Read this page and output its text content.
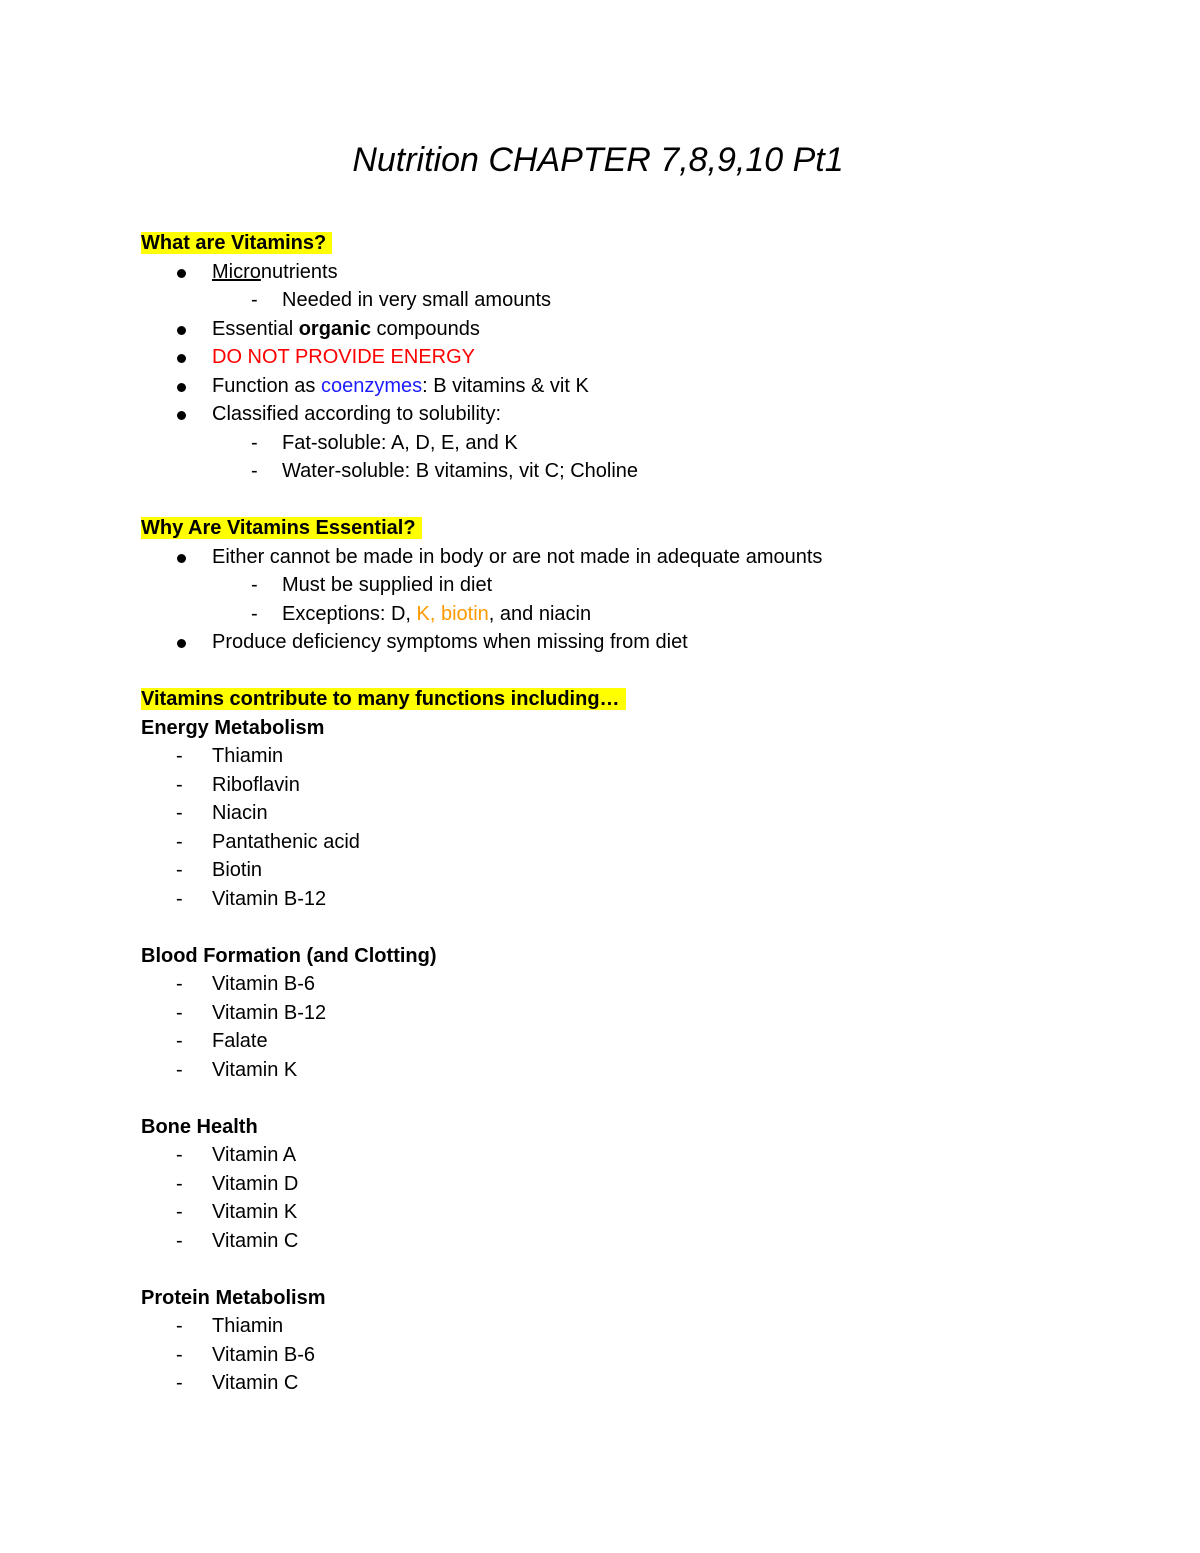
Nutrition CHAPTER 7,8,9,10 Pt1
What are Vitamins?
Micronutrients
- Needed in very small amounts
Essential organic compounds
DO NOT PROVIDE ENERGY
Function as coenzymes: B vitamins & vit K
Classified according to solubility:
- Fat-soluble: A, D, E, and K
- Water-soluble: B vitamins, vit C; Choline
Why Are Vitamins Essential?
Either cannot be made in body or are not made in adequate amounts
- Must be supplied in diet
- Exceptions: D, K, biotin, and niacin
Produce deficiency symptoms when missing from diet
Vitamins contribute to many functions including…
Energy Metabolism
- Thiamin
- Riboflavin
- Niacin
- Pantathenic acid
- Biotin
- Vitamin B-12
Blood Formation (and Clotting)
- Vitamin B-6
- Vitamin B-12
- Falate
- Vitamin K
Bone Health
- Vitamin A
- Vitamin D
- Vitamin K
- Vitamin C
Protein Metabolism
- Thiamin
- Vitamin B-6
- Vitamin C
